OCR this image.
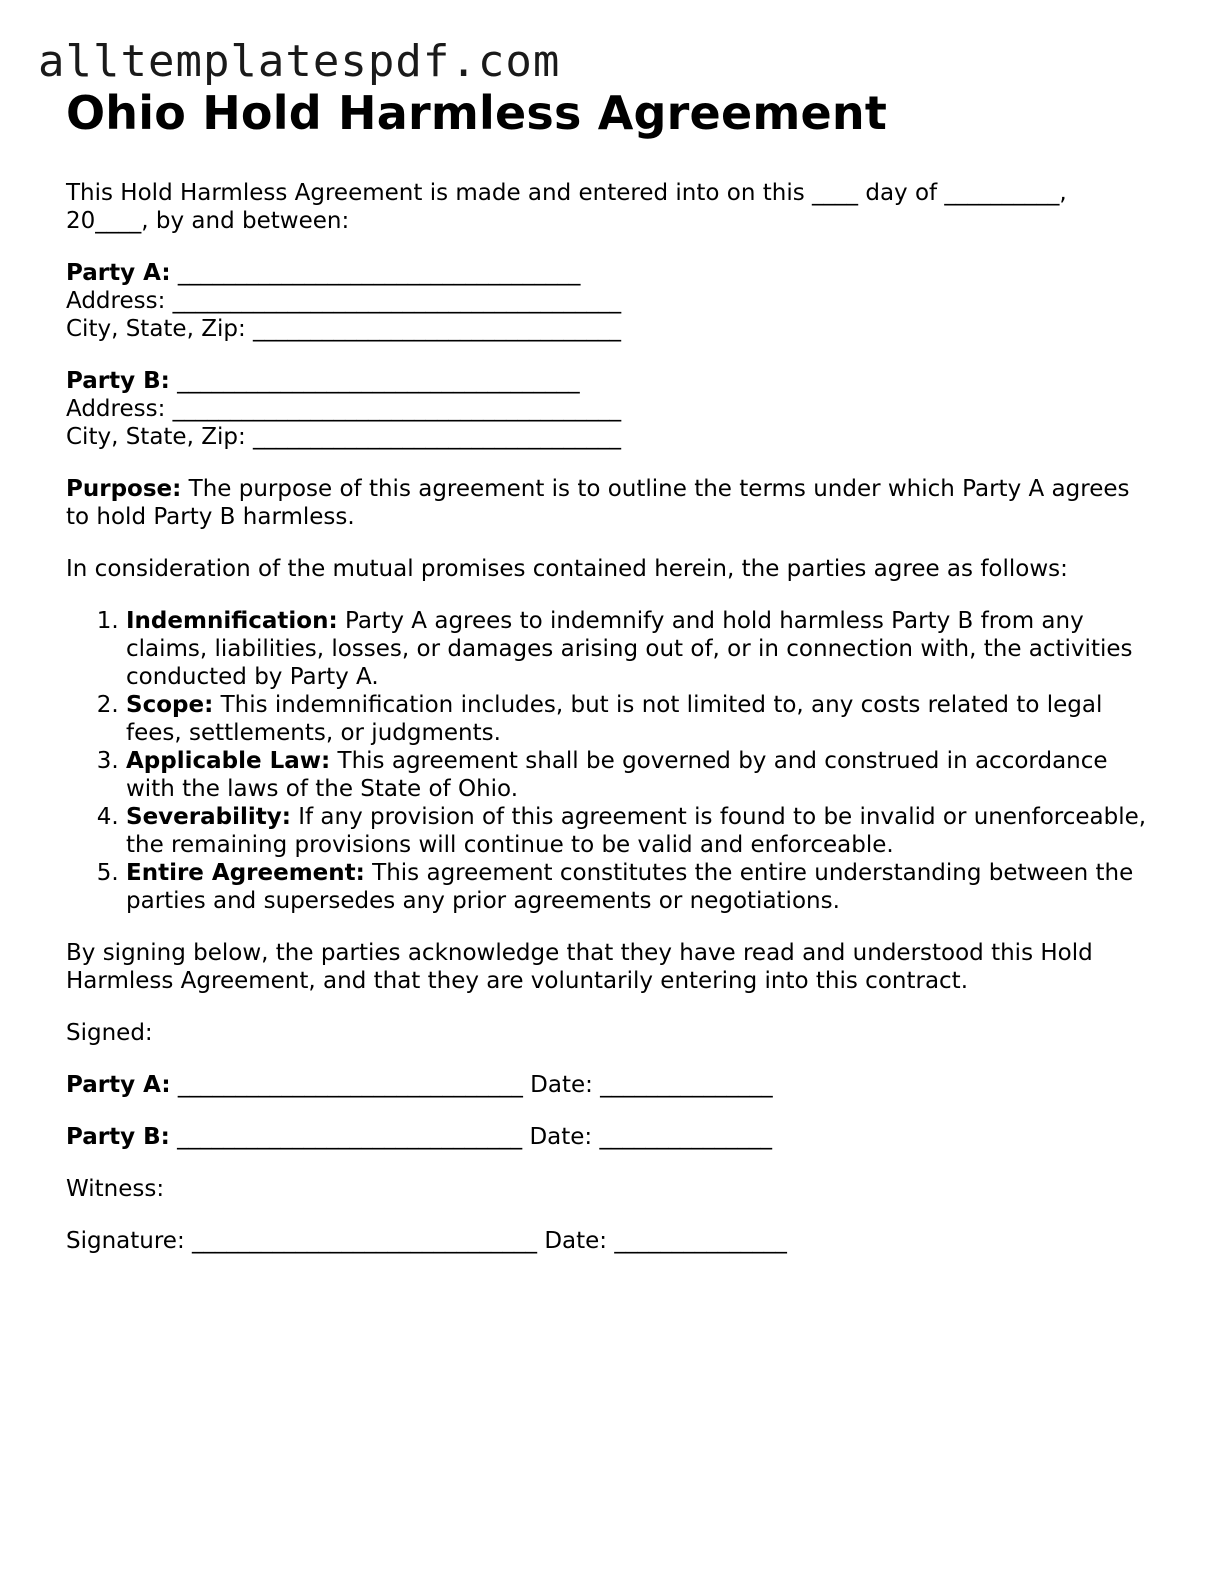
alltemplatespdf.com
Ohio Hold Harmless Agreement

This Hold Harmless Agreement is made and entered into on this ____ day of __________, 20____, by and between:

Party A: ___________________________________
Address: _______________________________________
City, State, Zip: ________________________________
Party B: ___________________________________
Address: _______________________________________
City, State, Zip: ________________________________

Purpose: The purpose of this agreement is to outline the terms under which Party A agrees to hold Party B harmless.

In consideration of the mutual promises contained herein, the parties agree as follows:

1. Indemnification: Party A agrees to indemnify and hold harmless Party B from any claims, liabilities, losses, or damages arising out of, or in connection with, the activities conducted by Party A.
2. Scope: This indemnification includes, but is not limited to, any costs related to legal fees, settlements, or judgments.
3. Applicable Law: This agreement shall be governed by and construed in accordance with the laws of the State of Ohio.
4. Severability: If any provision of this agreement is found to be invalid or unenforceable, the remaining provisions will continue to be valid and enforceable.
5. Entire Agreement: This agreement constitutes the entire understanding between the parties and supersedes any prior agreements or negotiations.

By signing below, the parties acknowledge that they have read and understood this Hold Harmless Agreement, and that they are voluntarily entering into this contract.

Signed:

Party A: ______________________________ Date: _______________

Party B: ______________________________ Date: _______________

Witness:

Signature: ______________________________ Date: _______________
